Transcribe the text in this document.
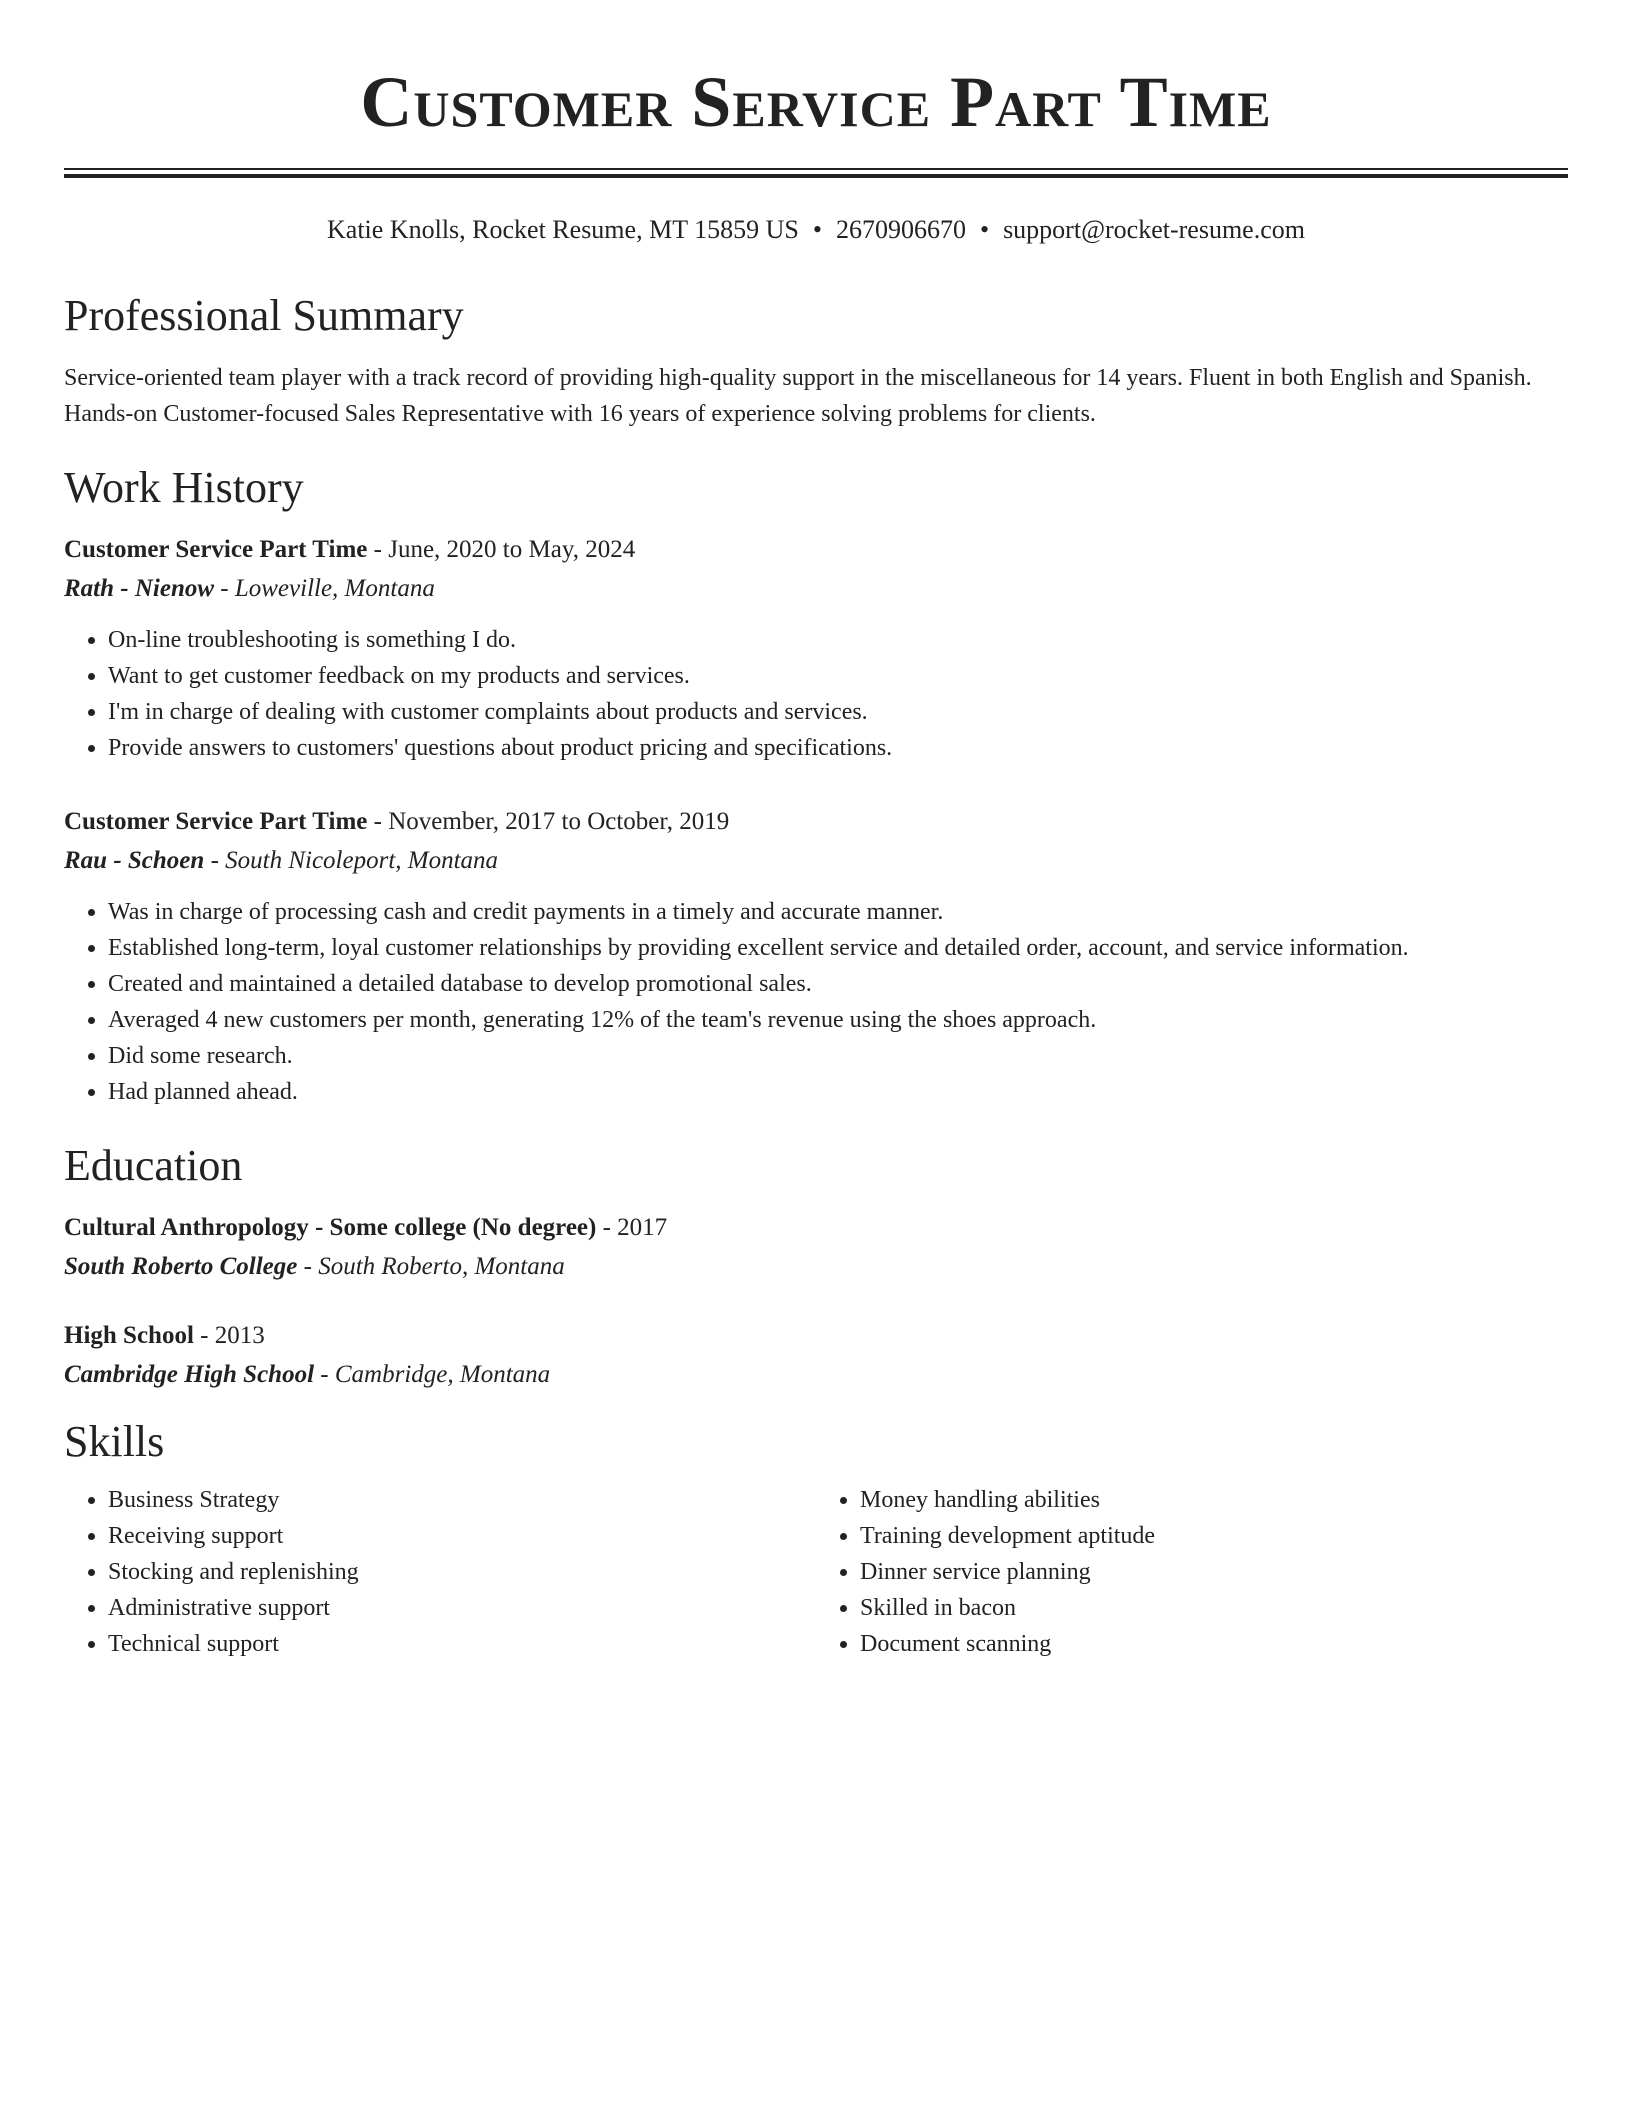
Customer Service Part Time
Katie Knolls, Rocket Resume, MT 15859 US • 2670906670 • support@rocket-resume.com
Professional Summary
Service-oriented team player with a track record of providing high-quality support in the miscellaneous for 14 years. Fluent in both English and Spanish. Hands-on Customer-focused Sales Representative with 16 years of experience solving problems for clients.
Work History
Customer Service Part Time - June, 2020 to May, 2024
Rath - Nienow - Loweville, Montana
• On-line troubleshooting is something I do.
• Want to get customer feedback on my products and services.
• I'm in charge of dealing with customer complaints about products and services.
• Provide answers to customers' questions about product pricing and specifications.
Customer Service Part Time - November, 2017 to October, 2019
Rau - Schoen - South Nicoleport, Montana
• Was in charge of processing cash and credit payments in a timely and accurate manner.
• Established long-term, loyal customer relationships by providing excellent service and detailed order, account, and service information.
• Created and maintained a detailed database to develop promotional sales.
• Averaged 4 new customers per month, generating 12% of the team's revenue using the shoes approach.
• Did some research.
• Had planned ahead.
Education
Cultural Anthropology - Some college (No degree) - 2017
South Roberto College - South Roberto, Montana
High School - 2013
Cambridge High School - Cambridge, Montana
Skills
• Business Strategy
• Receiving support
• Stocking and replenishing
• Administrative support
• Technical support
• Money handling abilities
• Training development aptitude
• Dinner service planning
• Skilled in bacon
• Document scanning
